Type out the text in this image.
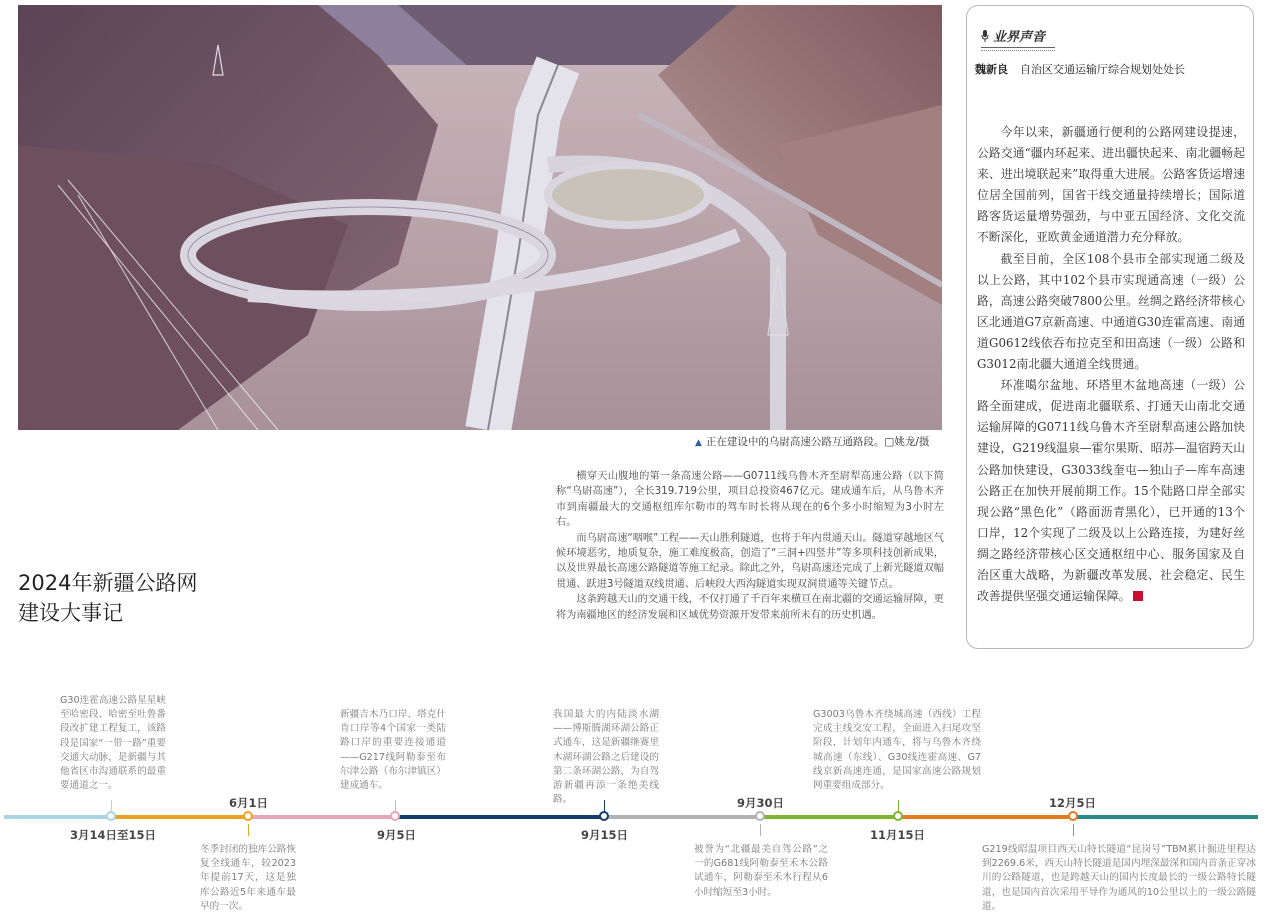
▲ 正在建设中的乌尉高速公路互通路段。□姚龙/摄

横穿天山腹地的第一条高速公路——G0711线乌鲁木齐至尉犁高速公路（以下简称“乌尉高速”），全长319.719公里，项目总投资467亿元。建成通车后，从乌鲁木齐市到南疆最大的交通枢纽库尔勒市的驾车时长将从现在的6个多小时缩短为3小时左右。

而乌尉高速“咽喉”工程——天山胜利隧道，也将于年内贯通天山。隧道穿越地区气候环境恶劣，地质复杂，施工难度极高，创造了“三洞+四竖井”等多项科技创新成果，以及世界最长高速公路隧道等施工纪录。除此之外，乌尉高速还完成了上新光隧道双幅贯通、跃进3号隧道双线贯通、后峡段大西沟隧道实现双洞贯通等关键节点。

这条跨越天山的交通干线，不仅打通了千百年来横亘在南北疆的交通运输屏障，更将为南疆地区的经济发展和区域优势资源开发带来前所未有的历史机遇。

2024年新疆公路网
建设大事记
业界声音
魏新良 自治区交通运输厅综合规划处处长

今年以来，新疆通行便利的公路网建设提速，公路交通“疆内环起来、进出疆快起来、南北疆畅起来、进出境联起来”取得重大进展。公路客货运增速位居全国前列，国省干线交通量持续增长；国际道路客货运量增势强劲，与中亚五国经济、文化交流不断深化，亚欧黄金通道潜力充分释放。

截至目前，全区108个县市全部实现通二级及以上公路，其中102个县市实现通高速（一级）公路，高速公路突破7800公里。丝绸之路经济带核心区北通道G7京新高速、中通道G30连霍高速、南通道G0612线依吞布拉克至和田高速（一级）公路和G3012南北疆大通道全线贯通。

环准噶尔盆地、环塔里木盆地高速（一级）公路全面建成，促进南北疆联系、打通天山南北交通运输屏障的G0711线乌鲁木齐至尉犁高速公路加快建设，G219线温泉—霍尔果斯、昭苏—温宿跨天山公路加快建设，G3033线奎屯—独山子—库车高速公路正在加快开展前期工作。15个陆路口岸全部实现公路“黑色化”（路面沥青黑化），已开通的13个口岸，12个实现了二级及以上公路连接，为建好丝绸之路经济带核心区交通枢纽中心、服务国家及自治区重大战略，为新疆改革发展、社会稳定、民生改善提供坚强交通运输保障。

3月14日至15日
6月1日
9月5日	9月15日
9月30日
11月15日
12月5日
G30连霍高速公路星星峡至哈密段、哈密至吐鲁番段改扩建工程复工，该路段是国家“一带一路”重要交通大动脉，是新疆与其他省区市沟通联系的最重要通道之一。
冬季封闭的独库公路恢复全线通车，较2023年提前17天，这是独库公路近5年来通车最早的一次。
新疆吉木乃口岸、塔克什肯口岸等4个国家一类陆路口岸的重要连接通道——G217线阿勒泰至布尔津公路（布尔津镇区）建成通车。
我国最大的内陆淡水湖——博斯腾湖环湖公路正式通车，这是新疆继赛里木湖环湖公路之后建设的第二条环湖公路，为自驾游新疆再添一条绝美线路。
被誉为“北疆最美自驾公路”之一的G681线阿勒泰至禾木公路试通车，阿勒泰至禾木行程从6小时缩短至3小时。
G3003乌鲁木齐绕城高速（西线）工程完成主线交安工程，全面进入扫尾攻坚阶段，计划年内通车，将与乌鲁木齐绕城高速（东线）、G30线连霍高速、G7线京新高速连通，是国家高速公路规划网重要组成部分。
G219线昭温项目西天山特长隧道“昆岗号”TBM累计掘进里程达到2269.6米，西天山特长隧道是国内埋深最深和国内首条正穿冰川的公路隧道，也是跨越天山的国内长度最长的一级公路特长隧道，也是国内首次采用平导作为通风的10公里以上的一级公路隧道。
